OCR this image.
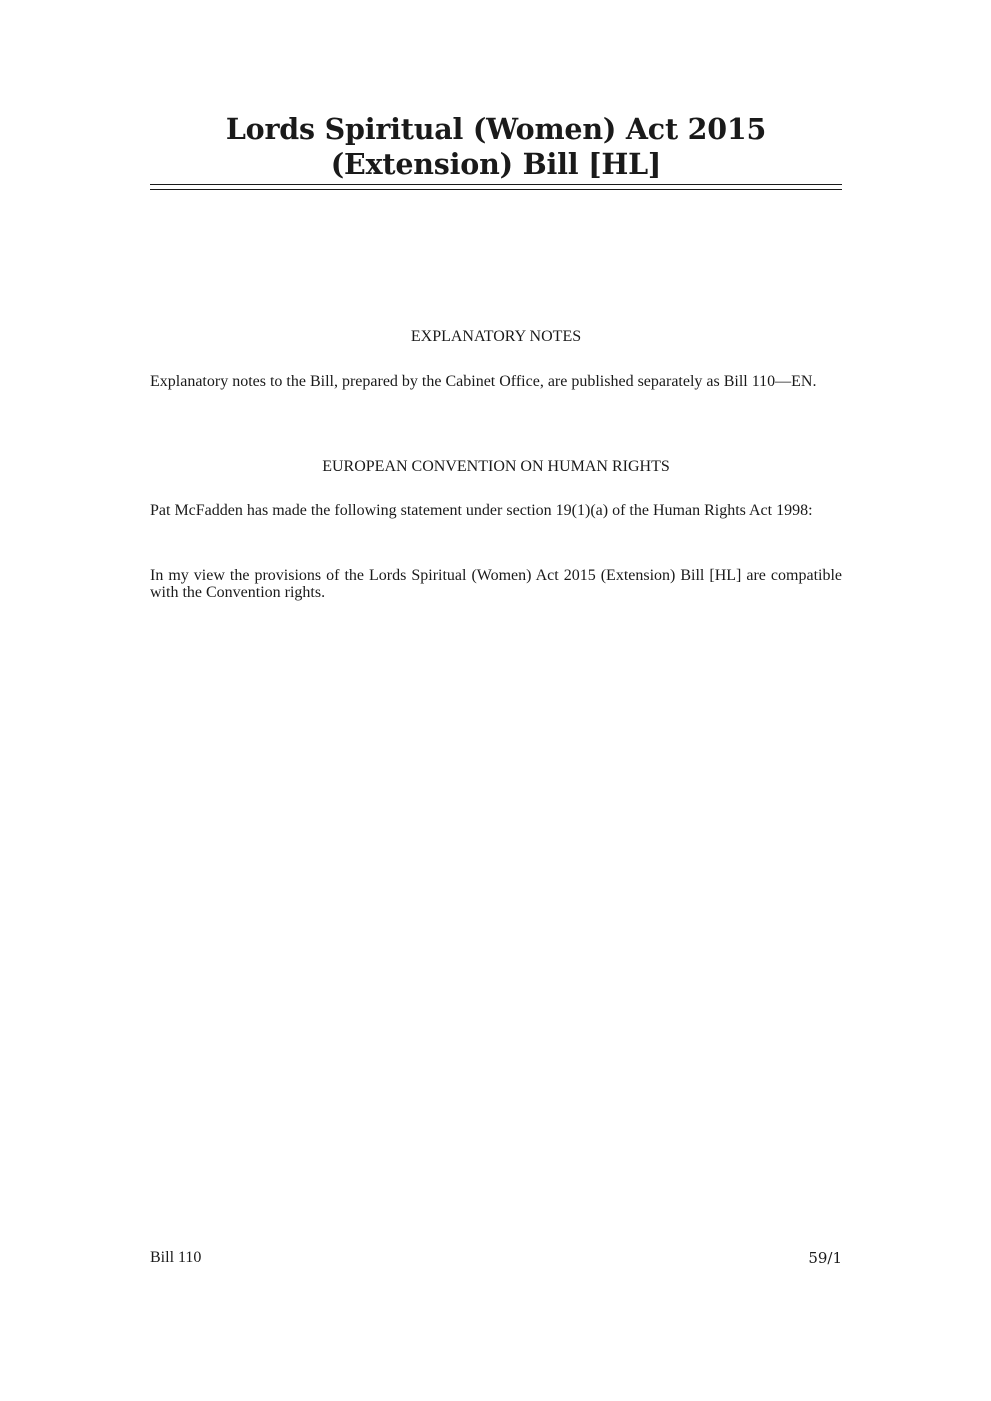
Lords Spiritual (Women) Act 2015 (Extension) Bill [HL]
EXPLANATORY NOTES

Explanatory notes to the Bill, prepared by the Cabinet Office, are published separately as Bill 110—EN.

EUROPEAN CONVENTION ON HUMAN RIGHTS

Pat McFadden has made the following statement under section 19(1)(a) of the Human Rights Act 1998:

In my view the provisions of the Lords Spiritual (Women) Act 2015 (Extension) Bill [HL] are compatible with the Convention rights.

Bill 110	59/1
